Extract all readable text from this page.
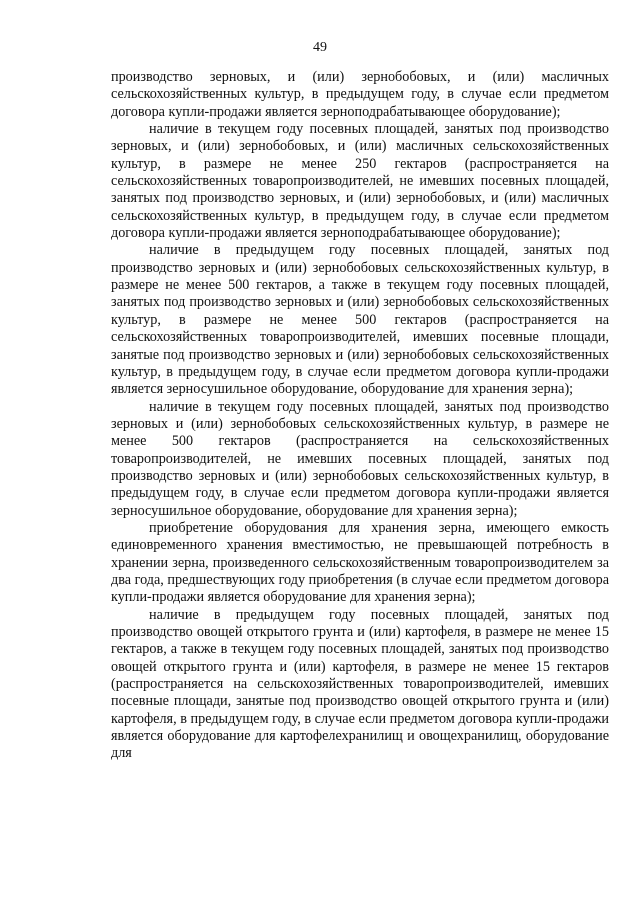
49

производство зерновых, и (или) зернобобовых, и (или) масличных сельскохозяйственных культур, в предыдущем году, в случае если предметом договора купли-продажи является зерноподрабатывающее оборудование);

наличие в текущем году посевных площадей, занятых под производство зерновых, и (или) зернобобовых, и (или) масличных сельскохозяйственных культур, в размере не менее 250 гектаров (распространяется на сельскохозяйственных товаропроизводителей, не имевших посевных площадей, занятых под производство зерновых, и (или) зернобобовых, и (или) масличных сельскохозяйственных культур, в предыдущем году, в случае если предметом договора купли-продажи является зерноподрабатывающее оборудование);

наличие в предыдущем году посевных площадей, занятых под производство зерновых и (или) зернобобовых сельскохозяйственных культур, в размере не менее 500 гектаров, а также в текущем году посевных площадей, занятых под производство зерновых и (или) зернобобовых сельскохозяйственных культур, в размере не менее 500 гектаров (распространяется на сельскохозяйственных товаропроизводителей, имевших посевные площади, занятые под производство зерновых и (или) зернобобовых сельскохозяйственных культур, в предыдущем году, в случае если предметом договора купли-продажи является зерносушильное оборудование, оборудование для хранения зерна);

наличие в текущем году посевных площадей, занятых под производство зерновых и (или) зернобобовых сельскохозяйственных культур, в размере не менее 500 гектаров (распространяется на сельскохозяйственных товаропроизводителей, не имевших посевных площадей, занятых под производство зерновых и (или) зернобобовых сельскохозяйственных культур, в предыдущем году, в случае если предметом договора купли-продажи является зерносушильное оборудование, оборудование для хранения зерна);

приобретение оборудования для хранения зерна, имеющего емкость единовременного хранения вместимостью, не превышающей потребность в хранении зерна, произведенного сельскохозяйственным товаропроизводителем за два года, предшествующих году приобретения (в случае если предметом договора купли-продажи является оборудование для хранения зерна);

наличие в предыдущем году посевных площадей, занятых под производство овощей открытого грунта и (или) картофеля, в размере не менее 15 гектаров, а также в текущем году посевных площадей, занятых под производство овощей открытого грунта и (или) картофеля, в размере не менее 15 гектаров (распространяется на сельскохозяйственных товаропроизводителей, имевших посевные площади, занятые под производство овощей открытого грунта и (или) картофеля, в предыдущем году, в случае если предметом договора купли-продажи является оборудование для картофелехранилищ и овощехранилищ, оборудование для
